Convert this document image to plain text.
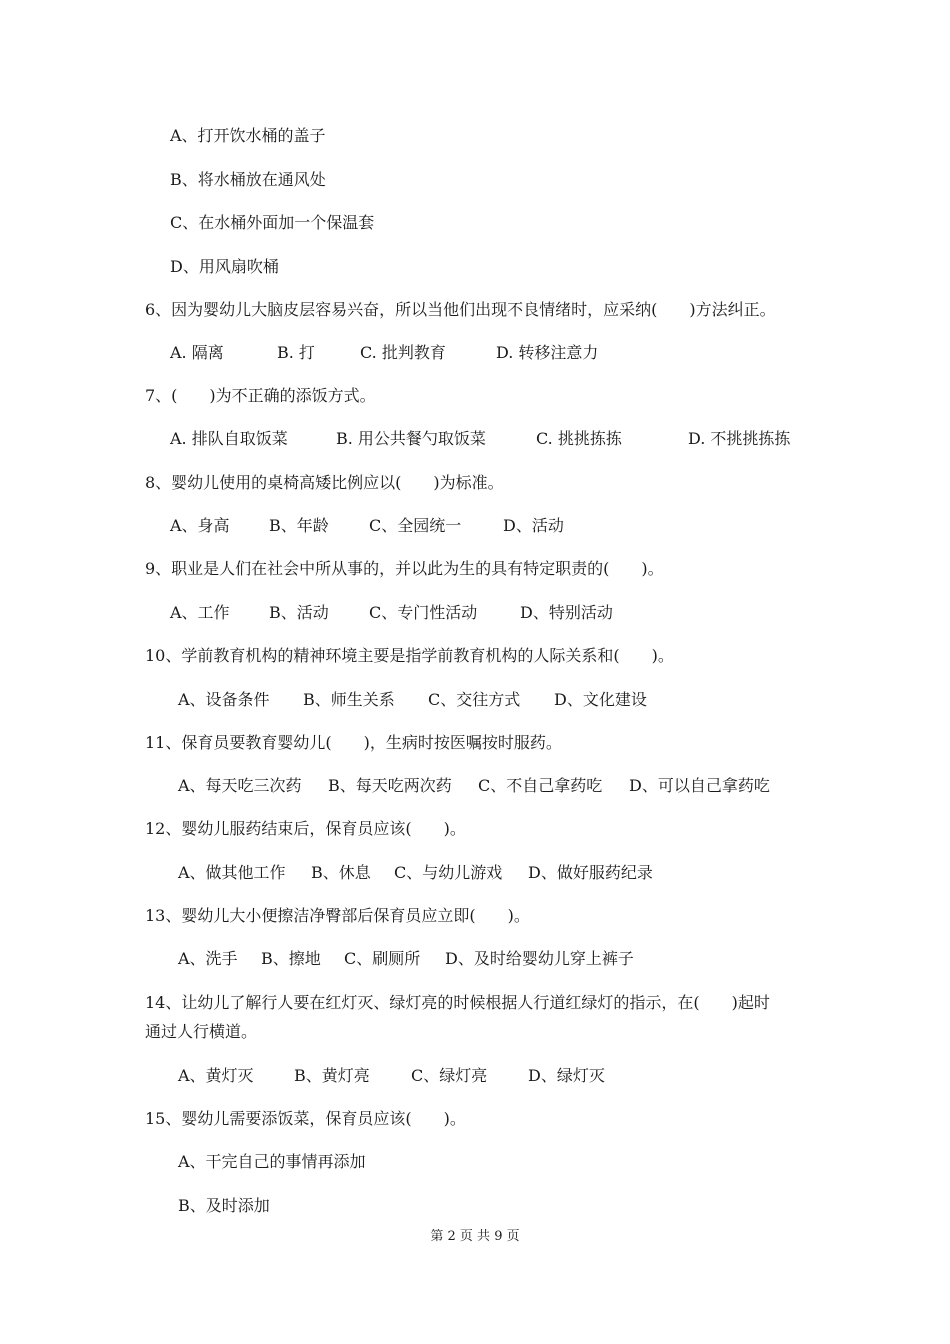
A、打开饮水桶的盖子
B、将水桶放在通风处
C、在水桶外面加一个保温套
D、用风扇吹桶
6、因为婴幼儿大脑皮层容易兴奋，所以当他们出现不良情绪时，应采纳(　　)方法纠正。

A. 隔离

	B. 打

	C. 批判教育

	D. 转移注意力

7、(　　)为不正确的添饭方式。

A. 排队自取饭菜

	B. 用公共餐勺取饭菜

	C. 挑挑拣拣

	D. 不挑挑拣拣

8、婴幼儿使用的桌椅高矮比例应以(　　)为标准。

A、身高

B、年龄

	C、全园统一

	D、活动

9、职业是人们在社会中所从事的，并以此为生的具有特定职责的(　　)。

A、工作

B、活动

	C、专门性活动

	D、特别活动

10、学前教育机构的精神环境主要是指学前教育机构的人际关系和(　　)。

A、设备条件

B、师生关系

C、交往方式

D、文化建设

11、保育员要教育婴幼儿(　　)，生病时按医嘱按时服药。

A、每天吃三次药

B、每天吃两次药

C、不自己拿药吃

D、可以自己拿药吃

12、婴幼儿服药结束后，保育员应该(　　)。

A、做其他工作

B、休息

C、与幼儿游戏

D、做好服药纪录

13、婴幼儿大小便擦洁净臀部后保育员应立即(　　)。

A、洗手

B、擦地

C、刷厕所

D、及时给婴幼儿穿上裤子

14、让幼儿了解行人要在红灯灭、绿灯亮的时候根据人行道红绿灯的指示，在(　　)起时
通过人行横道。

A、黄灯灭

	B、黄灯亮

	C、绿灯亮

	D、绿灯灭

15、婴幼儿需要添饭菜，保育员应该(　　)。
A、干完自己的事情再添加
B、及时添加
第 2 页 共 9 页
